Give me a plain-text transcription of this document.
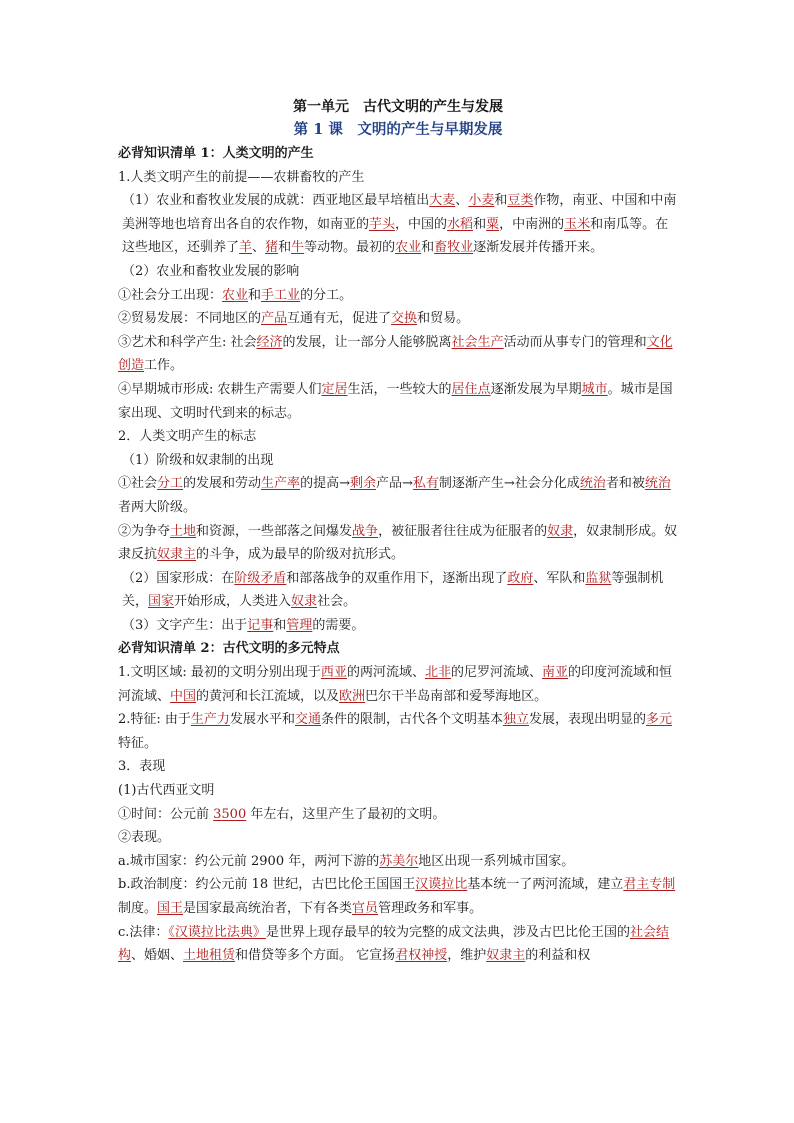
第一单元　古代文明的产生与发展
第 1 课　文明的产生与早期发展

必背知识清单 1：人类文明的产生

1.人类文明产生的前提——农耕畜牧的产生

（1）农业和畜牧业发展的成就：西亚地区最早培植出大麦、小麦和豆类作物，南亚、中国和中南美洲等地也培育出各自的农作物，如南亚的芋头，中国的水稻和粟，中南洲的玉米和南瓜等。在这些地区，还驯养了羊、猪和牛等动物。最初的农业和畜牧业逐渐发展并传播开来。

（2）农业和畜牧业发展的影响

①社会分工出现：农业和手工业的分工。

②贸易发展：不同地区的产品互通有无，促进了交换和贸易。

③艺术和科学产生: 社会经济的发展，让一部分人能够脱离社会生产活动而从事专门的管理和文化创造工作。

④早期城市形成: 农耕生产需要人们定居生活，一些较大的居住点逐渐发展为早期城市。城市是国家出现、文明时代到来的标志。

2．人类文明产生的标志

（1）阶级和奴隶制的出现

①社会分工的发展和劳动生产率的提高→剩余产品→私有制逐渐产生→社会分化成统治者和被统治者两大阶级。

②为争夺土地和资源，一些部落之间爆发战争，被征服者往往成为征服者的奴隶，奴隶制形成。奴隶反抗奴隶主的斗争，成为最早的阶级对抗形式。

（2）国家形成：在阶级矛盾和部落战争的双重作用下，逐渐出现了政府、军队和监狱等强制机关，国家开始形成，人类进入奴隶社会。

（3）文字产生：出于记事和管理的需要。

必背知识清单 2：古代文明的多元特点

1.文明区域: 最初的文明分别出现于西亚的两河流域、北非的尼罗河流域、南亚的印度河流域和恒河流域、中国的黄河和长江流域，以及欧洲巴尔干半岛南部和爱琴海地区。

2.特征: 由于生产力发展水平和交通条件的限制，古代各个文明基本独立发展，表现出明显的多元特征。

3．表现

(1)古代西亚文明

①时间：公元前 3500 年左右，这里产生了最初的文明。

②表现。

a.城市国家：约公元前 2900 年，两河下游的苏美尔地区出现一系列城市国家。

b.政治制度：约公元前 18 世纪，古巴比伦王国国王汉谟拉比基本统一了两河流域，建立君主专制制度。国王是国家最高统治者，下有各类官员管理政务和军事。

c.法律：《汉谟拉比法典》是世界上现存最早的较为完整的成文法典，涉及古巴比伦王国的社会结构、婚姻、土地租赁和借贷等多个方面。 它宣扬君权神授，维护奴隶主的利益和权
